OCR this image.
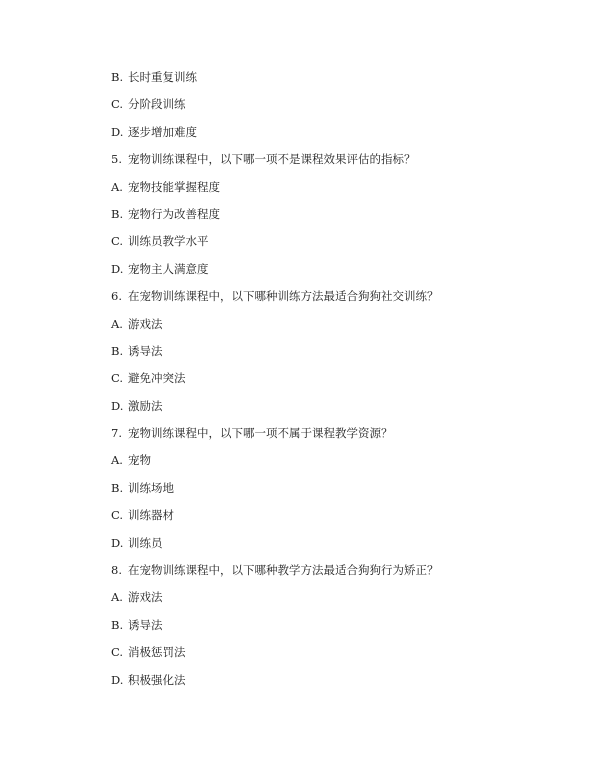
B. 长时重复训练
C. 分阶段训练
D. 逐步增加难度
5. 宠物训练课程中，以下哪一项不是课程效果评估的指标？
A. 宠物技能掌握程度
B. 宠物行为改善程度
C. 训练员教学水平
D. 宠物主人满意度
6. 在宠物训练课程中，以下哪种训练方法最适合狗狗社交训练？
A. 游戏法
B. 诱导法
C. 避免冲突法
D. 激励法
7. 宠物训练课程中，以下哪一项不属于课程教学资源？
A. 宠物
B. 训练场地
C. 训练器材
D. 训练员
8. 在宠物训练课程中，以下哪种教学方法最适合狗狗行为矫正？
A. 游戏法
B. 诱导法
C. 消极惩罚法
D. 积极强化法
